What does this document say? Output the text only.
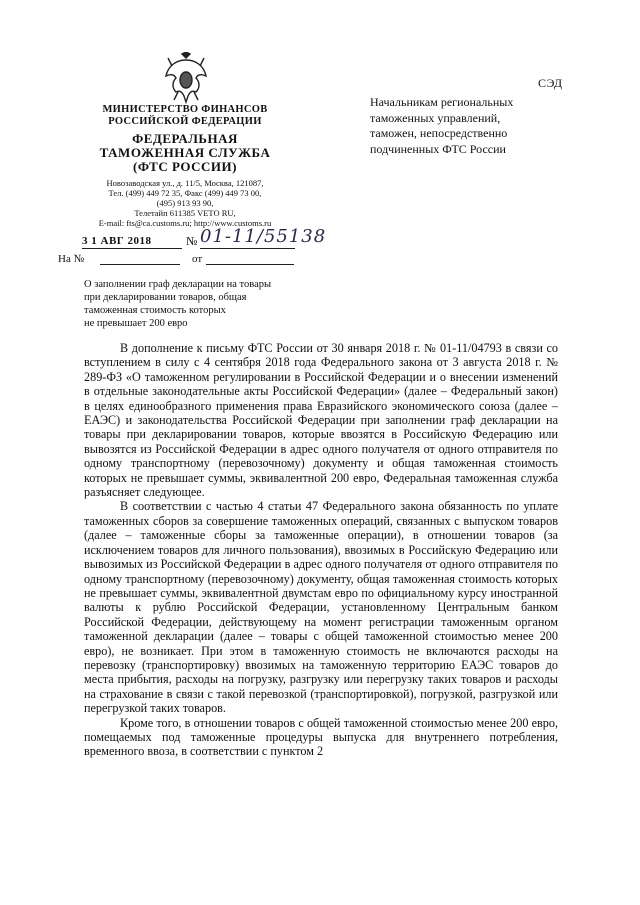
МИНИСТЕРСТВО ФИНАНСОВ
РОССИЙСКОЙ ФЕДЕРАЦИИ
ФЕДЕРАЛЬНАЯ
ТАМОЖЕННАЯ СЛУЖБА
(ФТС РОССИИ)
Новозаводская ул., д. 11/5, Москва, 121087,
Тел. (499) 449 72 35, Факс (499) 449 73 00,
(495) 913 93 90,
Телетайп 611385 VETO RU,
E-mail: fts@ca.customs.ru; http://www.customs.ru
3 1 АВГ 2018	№ 01-11/55138
На №	от
О заполнении граф декларации на товары
при декларировании товаров, общая
таможенная стоимость которых
не превышает 200 евро
СЭД
Начальникам региональных
таможенных управлений,
таможен, непосредственно
подчиненных ФТС России

В дополнение к письму ФТС России от 30 января 2018 г. № 01-11/04793 в связи со вступлением в силу с 4 сентября 2018 года Федерального закона от 3 августа 2018 г. № 289-ФЗ «О таможенном регулировании в Российской Федерации и о внесении изменений в отдельные законодательные акты Российской Федерации» (далее – Федеральный закон) в целях единообразного применения права Евразийского экономического союза (далее – ЕАЭС) и законодательства Российской Федерации при заполнении граф декларации на товары при декларировании товаров, которые ввозятся в Российскую Федерацию или вывозятся из Российской Федерации в адрес одного получателя от одного отправителя по одному транспортному (перевозочному) документу и общая таможенная стоимость которых не превышает суммы, эквивалентной 200 евро, Федеральная таможенная служба разъясняет следующее.

В соответствии с частью 4 статьи 47 Федерального закона обязанность по уплате таможенных сборов за совершение таможенных операций, связанных с выпуском товаров (далее – таможенные сборы за таможенные операции), в отношении товаров (за исключением товаров для личного пользования), ввозимых в Российскую Федерацию или вывозимых из Российской Федерации в адрес одного получателя от одного отправителя по одному транспортному (перевозочному) документу, общая таможенная стоимость которых не превышает суммы, эквивалентной двумстам евро по официальному курсу иностранной валюты к рублю Российской Федерации, установленному Центральным банком Российской Федерации, действующему на момент регистрации таможенным органом таможенной декларации (далее – товары с общей таможенной стоимостью менее 200 евро), не возникает. При этом в таможенную стоимость не включаются расходы на перевозку (транспортировку) ввозимых на таможенную территорию ЕАЭС товаров до места прибытия, расходы на погрузку, разгрузку или перегрузку таких товаров и расходы на страхование в связи с такой перевозкой (транспортировкой), погрузкой, разгрузкой или перегрузкой таких товаров.

Кроме того, в отношении товаров с общей таможенной стоимостью менее 200 евро, помещаемых под таможенные процедуры выпуска для внутреннего потребления, временного ввоза, в соответствии с пунктом 2
